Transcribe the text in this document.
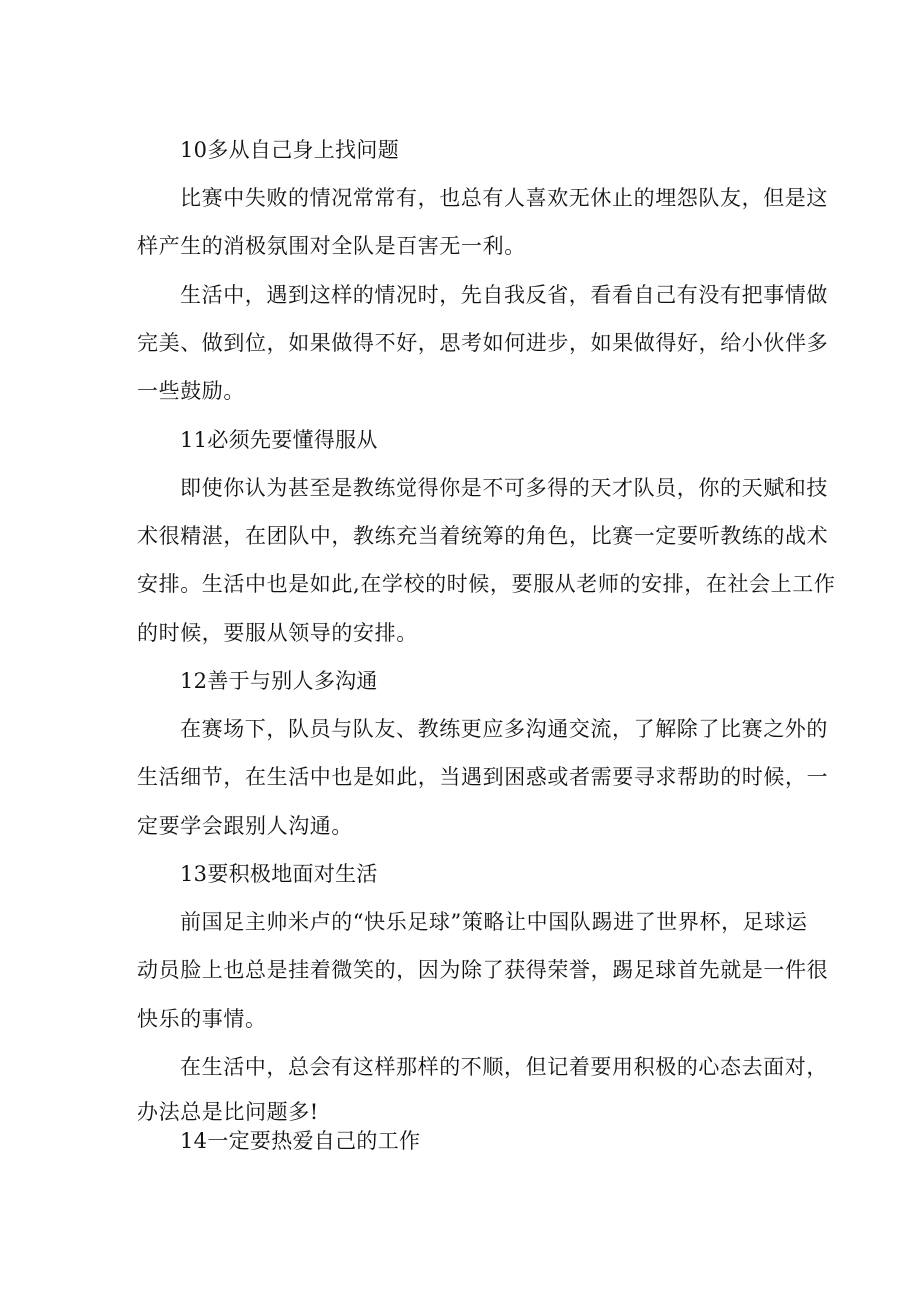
10多从自己身上找问题
比赛中失败的情况常常有，也总有人喜欢无休止的埋怨队友，但是这
样产生的消极氛围对全队是百害无一利。
生活中，遇到这样的情况时，先自我反省，看看自己有没有把事情做
完美、做到位，如果做得不好，思考如何进步，如果做得好，给小伙伴多
一些鼓励。
11必须先要懂得服从
即使你认为甚至是教练觉得你是不可多得的天才队员，你的天赋和技
术很精湛，在团队中，教练充当着统筹的角色，比赛一定要听教练的战术
安排。生活中也是如此,在学校的时候，要服从老师的安排，在社会上工作
的时候，要服从领导的安排。
12善于与别人多沟通
在赛场下，队员与队友、教练更应多沟通交流，了解除了比赛之外的
生活细节，在生活中也是如此，当遇到困惑或者需要寻求帮助的时候，一
定要学会跟别人沟通。
13要积极地面对生活
前国足主帅米卢的“快乐足球”策略让中国队踢进了世界杯，足球运
动员脸上也总是挂着微笑的，因为除了获得荣誉，踢足球首先就是一件很
快乐的事情。
在生活中，总会有这样那样的不顺，但记着要用积极的心态去面对，
办法总是比问题多!
14一定要热爱自己的工作
